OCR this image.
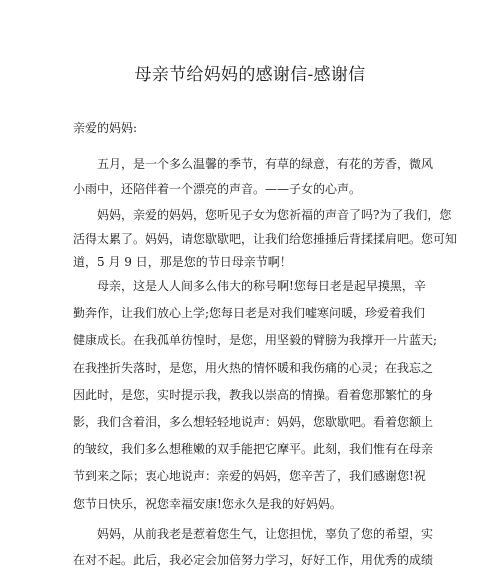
母亲节给妈妈的感谢信-感谢信
亲爱的妈妈:
　　五月，是一个多么温馨的季节，有草的绿意，有花的芳香，微风
小雨中，还陪伴着一个漂亮的声音。——子女的心声。
　　妈妈，亲爱的妈妈，您听见子女为您祈福的声音了吗?为了我们，您
活得太累了。妈妈，请您歇歇吧，让我们给您捶捶后背揉揉肩吧。您可知
道，5 月 9 日，那是您的节日母亲节啊！
　　母亲，这是人人间多么伟大的称号啊!您每日老是起早摸黑，辛
勤奔作，让我们放心上学;您每日老是对我们嘘寒问暖，珍爱着我们
健康成长。在我孤单彷惶时，是您，用坚毅的臂膀为我撑开一片蓝天;
在我挫折失落时，是您，用火热的情怀暖和我伤痛的心灵；在我忘之
因此时，是您，实时提示我，教我以崇高的情操。看着您那繁忙的身
影，我们含着泪，多么想轻轻地说声：妈妈，您歇歇吧。看着您额上
的皱纹，我们多么想稚嫩的双手能把它摩平。此刻，我们惟有在母亲
节到来之际；衷心地说声：亲爱的妈妈，您辛苦了，我们感谢您!祝
您节日快乐，祝您幸福安康!您永久是我的好妈妈。
　　妈妈，从前我老是惹着您生气，让您担忧，辜负了您的希望，实
在对不起。此后，我必定会加倍努力学习，好好工作，用优秀的成绩
